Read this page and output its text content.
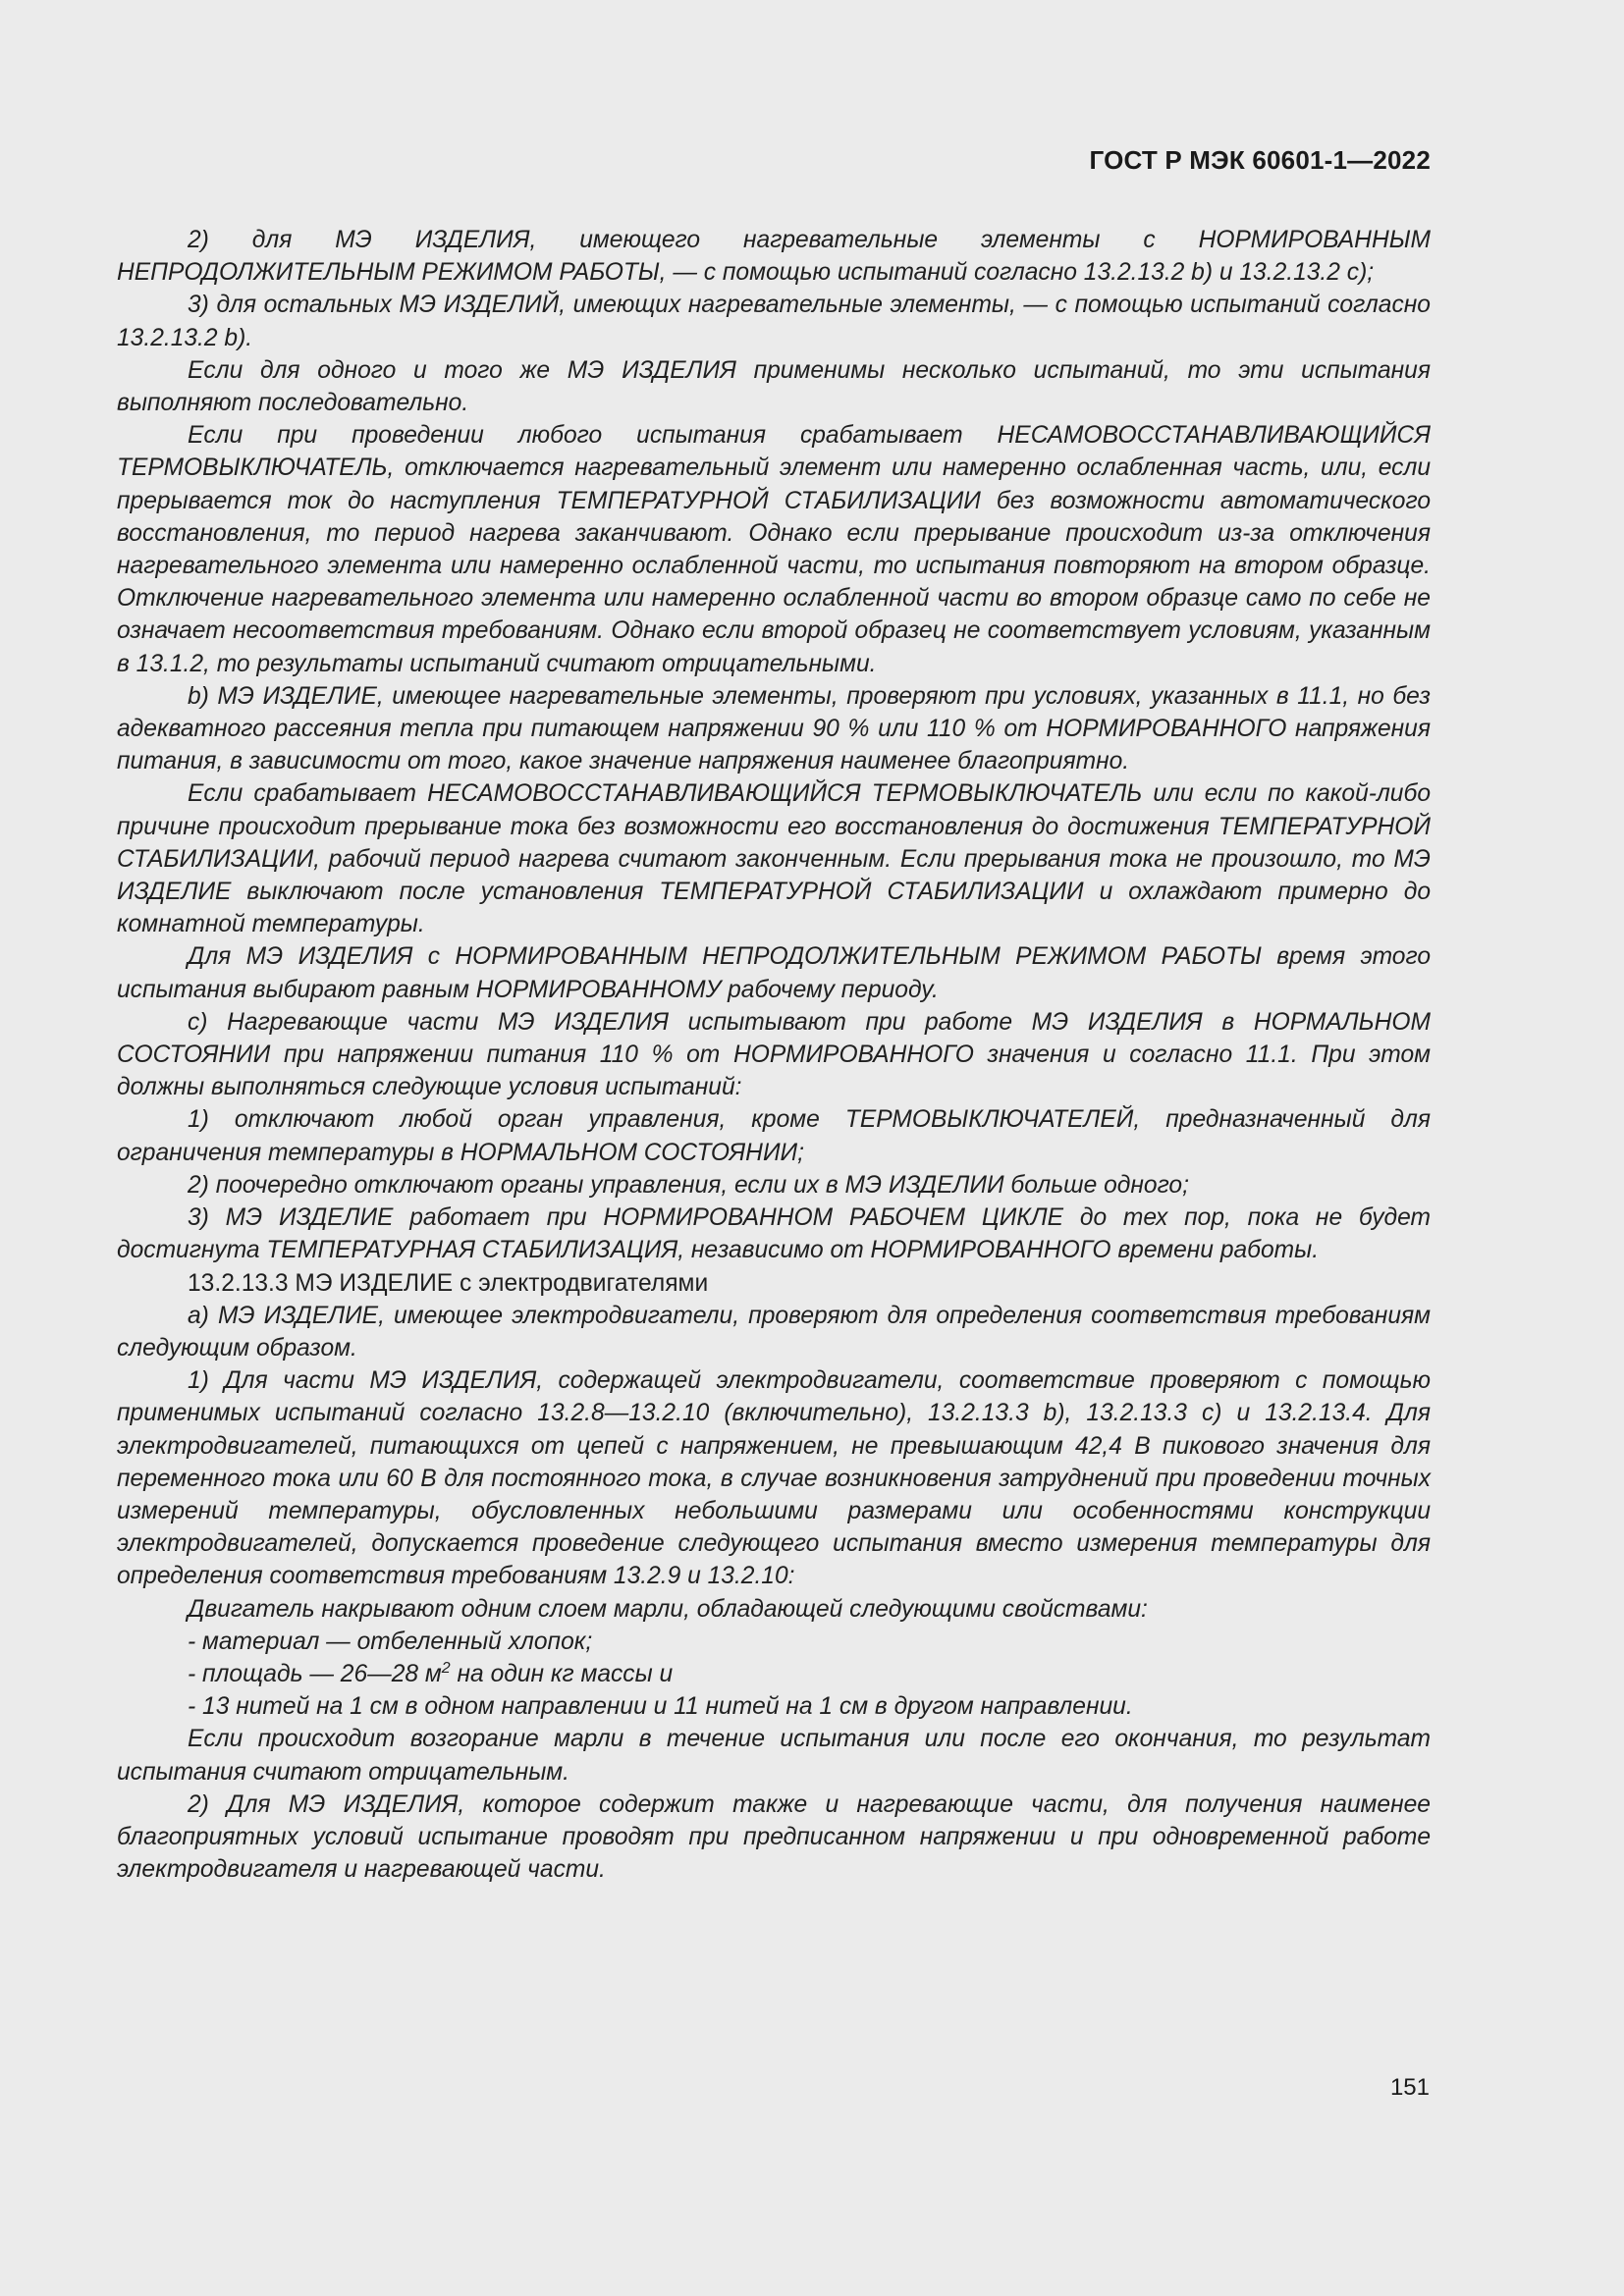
ГОСТ Р МЭК 60601-1—2022

2) для МЭ ИЗДЕЛИЯ, имеющего нагревательные элементы с НОРМИРОВАННЫМ НЕПРОДОЛЖИТЕЛЬНЫМ РЕЖИМОМ РАБОТЫ, — с помощью испытаний согласно 13.2.13.2 b) и 13.2.13.2 c);

3) для остальных МЭ ИЗДЕЛИЙ, имеющих нагревательные элементы, — с помощью испытаний согласно 13.2.13.2 b).

Если для одного и того же МЭ ИЗДЕЛИЯ применимы несколько испытаний, то эти испытания выполняют последовательно.

Если при проведении любого испытания срабатывает НЕСАМОВОССТАНАВЛИВАЮЩИЙСЯ ТЕРМОВЫКЛЮЧАТЕЛЬ, отключается нагревательный элемент или намеренно ослабленная часть, или, если прерывается ток до наступления ТЕМПЕРАТУРНОЙ СТАБИЛИЗАЦИИ без возможности автоматического восстановления, то период нагрева заканчивают. Однако если прерывание происходит из-за отключения нагревательного элемента или намеренно ослабленной части, то испытания повторяют на втором образце. Отключение нагревательного элемента или намеренно ослабленной части во втором образце само по себе не означает несоответствия требованиям. Однако если второй образец не соответствует условиям, указанным в 13.1.2, то результаты испытаний считают отрицательными.

b) МЭ ИЗДЕЛИЕ, имеющее нагревательные элементы, проверяют при условиях, указанных в 11.1, но без адекватного рассеяния тепла при питающем напряжении 90 % или 110 % от НОРМИРОВАННОГО напряжения питания, в зависимости от того, какое значение напряжения наименее благоприятно.

Если срабатывает НЕСАМОВОССТАНАВЛИВАЮЩИЙСЯ ТЕРМОВЫКЛЮЧАТЕЛЬ или если по какой-либо причине происходит прерывание тока без возможности его восстановления до достижения ТЕМПЕРАТУРНОЙ СТАБИЛИЗАЦИИ, рабочий период нагрева считают законченным. Если прерывания тока не произошло, то МЭ ИЗДЕЛИЕ выключают после установления ТЕМПЕРАТУРНОЙ СТАБИЛИЗАЦИИ и охлаждают примерно до комнатной температуры.

Для МЭ ИЗДЕЛИЯ с НОРМИРОВАННЫМ НЕПРОДОЛЖИТЕЛЬНЫМ РЕЖИМОМ РАБОТЫ время этого испытания выбирают равным НОРМИРОВАННОМУ рабочему периоду.

c) Нагревающие части МЭ ИЗДЕЛИЯ испытывают при работе МЭ ИЗДЕЛИЯ в НОРМАЛЬНОМ СОСТОЯНИИ при напряжении питания 110 % от НОРМИРОВАННОГО значения и согласно 11.1. При этом должны выполняться следующие условия испытаний:

1) отключают любой орган управления, кроме ТЕРМОВЫКЛЮЧАТЕЛЕЙ, предназначенный для ограничения температуры в НОРМАЛЬНОМ СОСТОЯНИИ;

2) поочередно отключают органы управления, если их в МЭ ИЗДЕЛИИ больше одного;

3) МЭ ИЗДЕЛИЕ работает при НОРМИРОВАННОМ РАБОЧЕМ ЦИКЛЕ до тех пор, пока не будет достигнута ТЕМПЕРАТУРНАЯ СТАБИЛИЗАЦИЯ, независимо от НОРМИРОВАННОГО времени работы.

13.2.13.3 МЭ ИЗДЕЛИЕ с электродвигателями

a) МЭ ИЗДЕЛИЕ, имеющее электродвигатели, проверяют для определения соответствия требованиям следующим образом.

1) Для части МЭ ИЗДЕЛИЯ, содержащей электродвигатели, соответствие проверяют с помощью применимых испытаний согласно 13.2.8—13.2.10 (включительно), 13.2.13.3 b), 13.2.13.3 c) и 13.2.13.4. Для электродвигателей, питающихся от цепей с напряжением, не превышающим 42,4 В пикового значения для переменного тока или 60 В для постоянного тока, в случае возникновения затруднений при проведении точных измерений температуры, обусловленных небольшими размерами или особенностями конструкции электродвигателей, допускается проведение следующего испытания вместо измерения температуры для определения соответствия требованиям 13.2.9 и 13.2.10:

Двигатель накрывают одним слоем марли, обладающей следующими свойствами:

- материал — отбеленный хлопок;

- площадь — 26—28 $м^2$ на один кг массы и

- 13 нитей на 1 см в одном направлении и 11 нитей на 1 см в другом направлении.

Если происходит возгорание марли в течение испытания или после его окончания, то результат испытания считают отрицательным.

2) Для МЭ ИЗДЕЛИЯ, которое содержит также и нагревающие части, для получения наименее благоприятных условий испытание проводят при предписанном напряжении и при одновременной работе электродвигателя и нагревающей части.

151
